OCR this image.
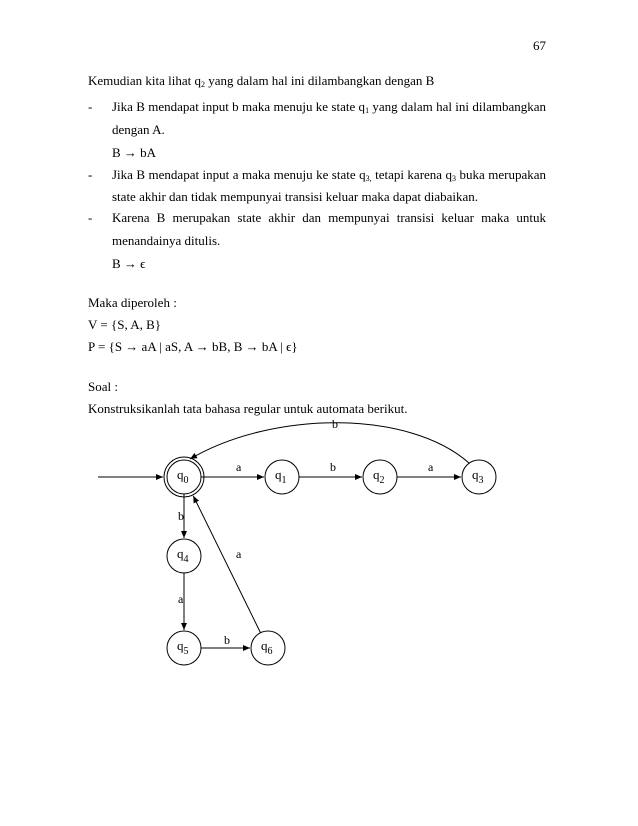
67
Kemudian kita lihat $q_2$ yang dalam hal ini dilambangkan dengan B
- Jika B mendapat input b maka menuju ke state $q_1$ yang dalam hal ini dilambangkan
dengan A.
B → bA
- Jika B mendapat input a maka menuju ke state $q_{3,}$ tetapi karena $q_3$ buka merupakan
state akhir dan tidak mempunyai transisi keluar maka dapat diabaikan.
- Karena B merupakan state akhir dan mempunyai transisi keluar maka untuk
menandainya ditulis.
B → ϵ
Maka diperoleh :
V = {S, A, B}
P = {S → aA | aS, A → bB, B → bA | ϵ}
Soal :
Konstruksikanlah tata bahasa regular untuk automata berikut.
a	b	a
b
b
a
b
a
$q_0$	$q_1$	$q_2$	$q_3$
$q_4$
$q_5$	$q_6$
